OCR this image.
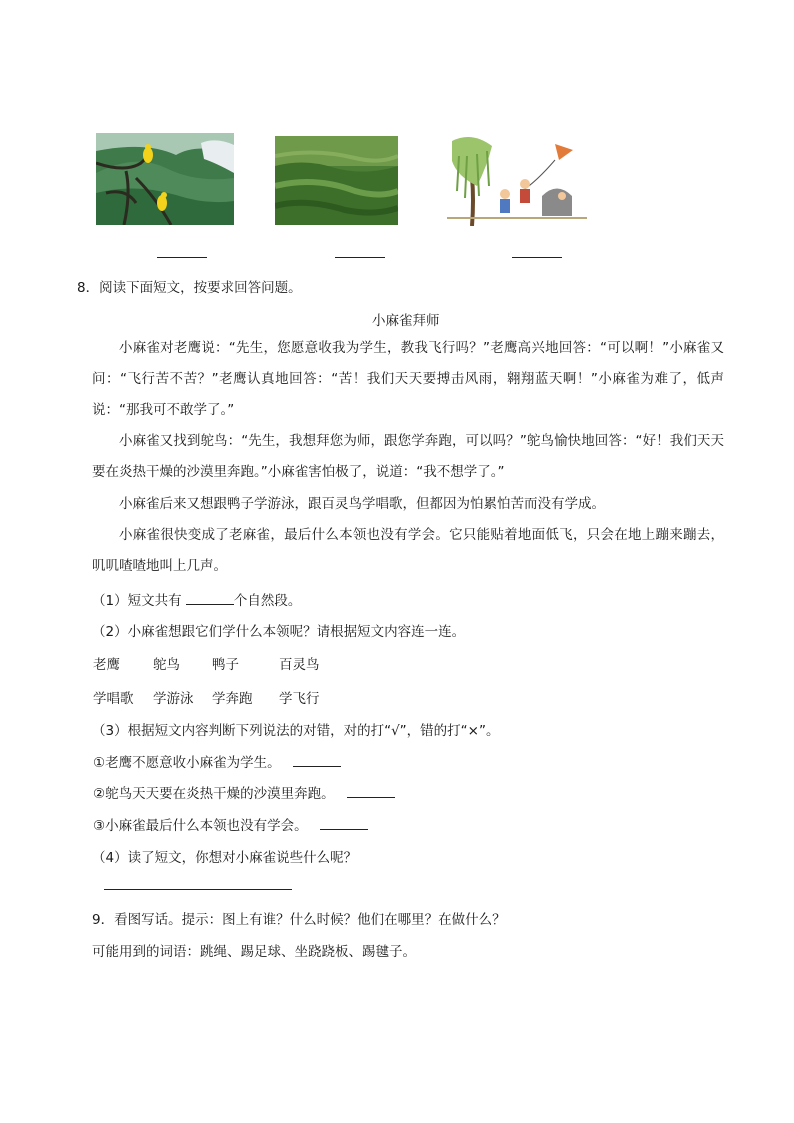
8．阅读下面短文，按要求回答问题。
小麻雀拜师
小麻雀对老鹰说：“先生，您愿意收我为学生，教我飞行吗？”老鹰高兴地回答：“可以啊！”小麻雀又问：“飞行苦不苦？”老鹰认真地回答：“苦！我们天天要搏击风雨，翱翔蓝天啊！”小麻雀为难了，低声说：“那我可不敢学了。”
小麻雀又找到鸵鸟：“先生，我想拜您为师，跟您学奔跑，可以吗？”鸵鸟愉快地回答：“好！我们天天要在炎热干燥的沙漠里奔跑。”小麻雀害怕极了，说道：“我不想学了。”
小麻雀后来又想跟鸭子学游泳，跟百灵鸟学唱歌，但都因为怕累怕苦而没有学成。
小麻雀很快变成了老麻雀，最后什么本领也没有学会。它只能贴着地面低飞，只会在地上蹦来蹦去，叽叽喳喳地叫上几声。
（1）短文共有	个自然段。
（2）小麻雀想跟它们学什么本领呢？请根据短文内容连一连。
老鹰 鸵鸟 鸭子	百灵鸟
学唱歌 学游泳 学奔跑 学飞行
（3）根据短文内容判断下列说法的对错，对的打“√”，错的打“×”。
①老鹰不愿意收小麻雀为学生。
②鸵鸟天天要在炎热干燥的沙漠里奔跑。
③小麻雀最后什么本领也没有学会。
（4）读了短文，你想对小麻雀说些什么呢？
9．看图写话。提示：图上有谁？什么时候？他们在哪里？在做什么？
可能用到的词语：跳绳、踢足球、坐跷跷板、踢毽子。
